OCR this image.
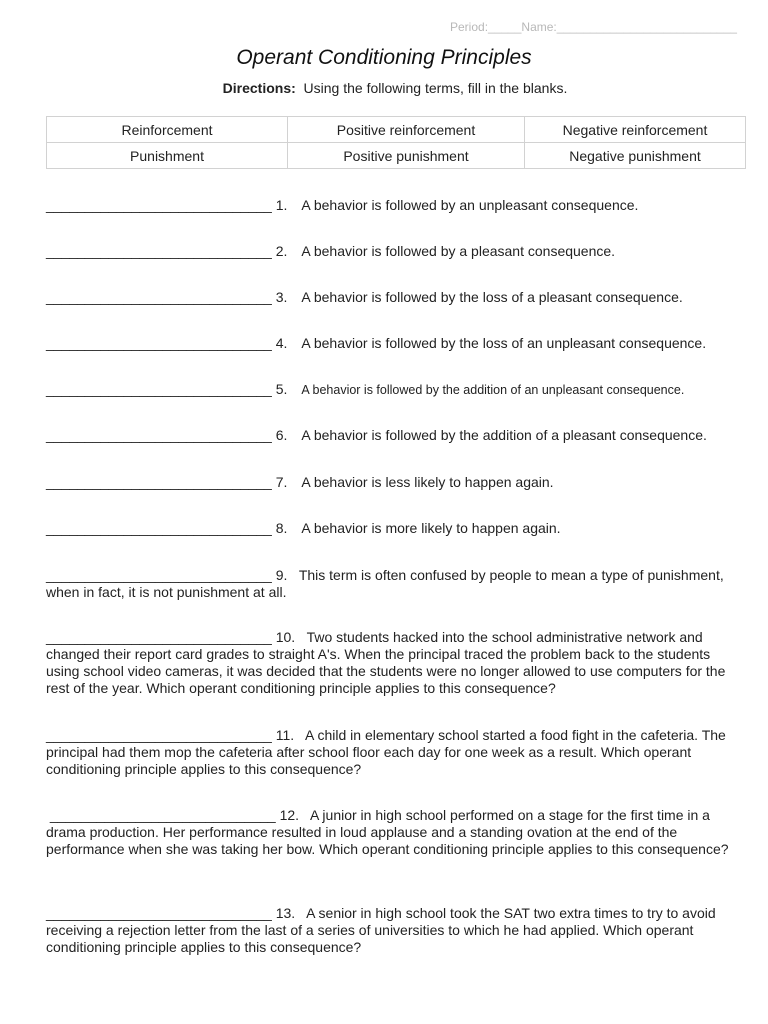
Period:_____Name:___________________________
Operant Conditioning Principles
Directions: Using the following terms, fill in the blanks.
Reinforcement	Positive reinforcement	Negative reinforcement
Punishment	Positive punishment	Negative punishment
_____________________________ 1. A behavior is followed by an unpleasant consequence.
_____________________________ 2. A behavior is followed by a pleasant consequence.
_____________________________ 3. A behavior is followed by the loss of a pleasant consequence.
_____________________________ 4. A behavior is followed by the loss of an unpleasant consequence.
_____________________________ 5. A behavior is followed by the addition of an unpleasant consequence.
_____________________________ 6. A behavior is followed by the addition of a pleasant consequence.
_____________________________ 7. A behavior is less likely to happen again.
_____________________________ 8. A behavior is more likely to happen again.
_____________________________ 9. This term is often confused by people to mean a type of punishment, when in fact, it is not punishment at all.
_____________________________ 10. Two students hacked into the school administrative network and changed their report card grades to straight A's. When the principal traced the problem back to the students using school video cameras, it was decided that the students were no longer allowed to use computers for the rest of the year. Which operant conditioning principle applies to this consequence?
_____________________________ 11. A child in elementary school started a food fight in the cafeteria. The principal had them mop the cafeteria after school floor each day for one week as a result. Which operant conditioning principle applies to this consequence?
_____________________________ 12. A junior in high school performed on a stage for the first time in a drama production. Her performance resulted in loud applause and a standing ovation at the end of the performance when she was taking her bow. Which operant conditioning principle applies to this consequence?
_____________________________ 13. A senior in high school took the SAT two extra times to try to avoid receiving a rejection letter from the last of a series of universities to which he had applied. Which operant conditioning principle applies to this consequence?
